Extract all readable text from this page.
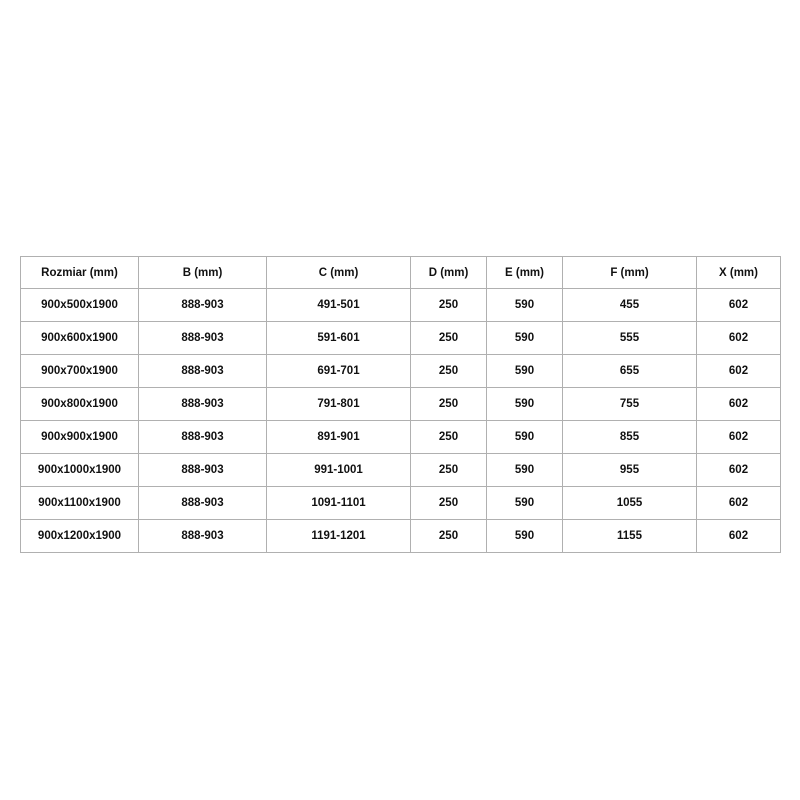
Rozmiar (mm)	B (mm)	C (mm)	D (mm)	E (mm)	F (mm)	X (mm)
900x500x1900	888-903	491-501	250	590	455	602
900x600x1900	888-903	591-601	250	590	555	602
900x700x1900	888-903	691-701	250	590	655	602
900x800x1900	888-903	791-801	250	590	755	602
900x900x1900	888-903	891-901	250	590	855	602
900x1000x1900	888-903	991-1001	250	590	955	602
900x1100x1900	888-903	1091-1101	250	590	1055	602
900x1200x1900	888-903	1191-1201	250	590	1155	602
